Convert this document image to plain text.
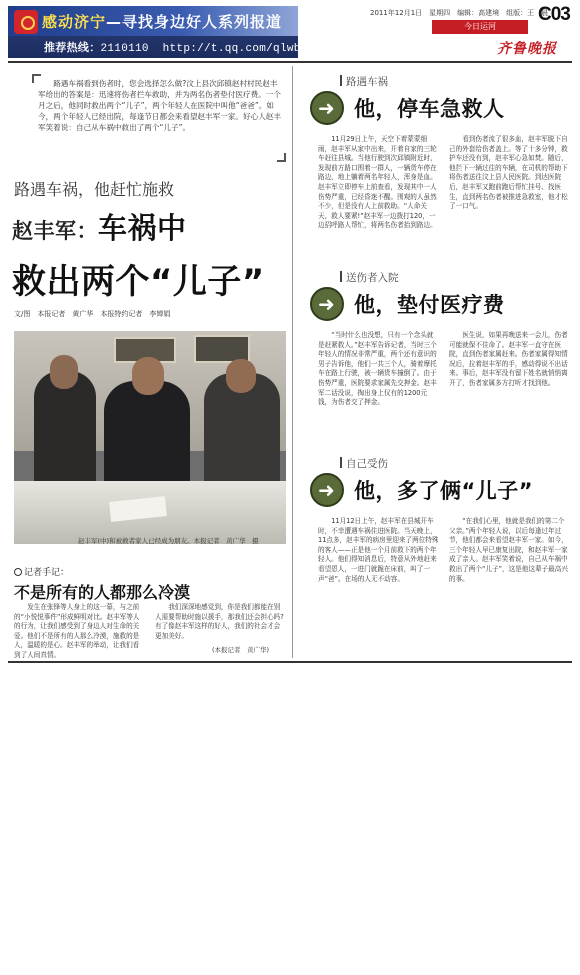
感动济宁—寻找身边好人系列报道
推荐热线：2110110 http://t.qq.com/qlwbjryh
2011年12月1日　星期四　编辑：高建境　组版：王　晨
C03
今日运河
齐鲁晚报

路遇车祸看到伤者时，您会选择怎么做?汶上县次邱镇赵村村民赵丰军给出的答案是：迅速将伤者拦车救助，并为两名伤者垫付医疗费。一个月之后，他同时救出两个“儿子”，两个年轻人在医院中叫他“爸爸”。如今，两个年轻人已经出院，每逢节日都会来看望赵丰军一家。好心人赵丰军笑着说：自己从车祸中救出了两个“儿子”。

路遇车祸，他赶忙施救
赵丰军：车祸中
救出两个“儿子”
文/图　本报记者　黄广华　本报特约记者　李婵娟
赵丰军(中)和被救者家人已经成为朋友。本报记者　黄广华　摄
记者手记：
不是所有的人都那么冷漠

发生在张锋等人身上的这一幕，与之前的“小悦悦事件”形成鲜明对比。赵丰军等人的行为，让我们感受到了身边人对生命的关爱。他们不是所有的人那么冷漠，施救的是人，温暖的是心。赵丰军的举动，让我们看到了人间真情。

我们深深地感觉到，你是我们都能在别人需要帮助时施以援手，那我们还会担心吗?有了像赵丰军这样的好人，我们的社会才会更加美好。

(本报记者　黄广华)
路遇车祸
➜
他，停车急救人

11月29日上午，天空下着蒙蒙细雨，赵丰军从家中出来，开着自家的三轮车赶往县城。当他行驶到次邱镇附近时，发现前方路口围着一群人，一辆货车停在路边，地上躺着两名年轻人，浑身是血。赵丰军立即停车上前查看，发现其中一人伤势严重，已经昏迷不醒。围观的人虽然不少，但是没有人上前救助。“人命关天，救人要紧!”赵丰军一边拨打120，一边招呼路人帮忙，将两名伤者抬到路边。

看到伤者流了很多血，赵丰军脱下自己的外套给伤者盖上。等了十多分钟，救护车还没有到，赵丰军心急如焚。随后，他拦下一辆过往的车辆，在司机的帮助下将伤者送往汶上县人民医院。到达医院后，赵丰军又跑前跑后帮忙挂号、找医生，直到两名伤者被推进急救室，他才松了一口气。

送伤者入院
➜
他，垫付医疗费

“当时什么也没想，只有一个念头就是赶紧救人。”赵丰军告诉记者，当时三个年轻人的情况非常严重，两个还有意识的男子告诉他，他们一共三个人，骑着摩托车在路上行驶，被一辆货车撞倒了。由于伤势严重，医院要求家属先交押金。赵丰军二话没说，掏出身上仅有的1200元钱，为伤者交了押金。

医生说，如果再晚送来一会儿，伤者可能就保不住命了。赵丰军一直守在医院，直到伤者家属赶来。伤者家属得知情况后，拉着赵丰军的手，感动得说不出话来。事后，赵丰军没有留下姓名就悄悄离开了，伤者家属多方打听才找到他。

自己受伤
➜
他，多了俩“儿子”

11月12日上午，赵丰军在县城开车时，不幸遭遇车祸住进医院。当天晚上，11点多，赵丰军的病房里迎来了两位特殊的客人——正是他一个月前救下的两个年轻人。他们得知消息后，特意从外地赶来看望恩人，一进门就跪在床前，叫了一声“爸”。在场的人无不动容。

“在我们心里，他就是我们的第二个父亲。”两个年轻人说，以后每逢过年过节，他们都会来看望赵丰军一家。如今，三个年轻人早已康复出院，和赵丰军一家成了亲人。赵丰军笑着说，自己从车祸中救出了两个“儿子”，这是他这辈子最高兴的事。
